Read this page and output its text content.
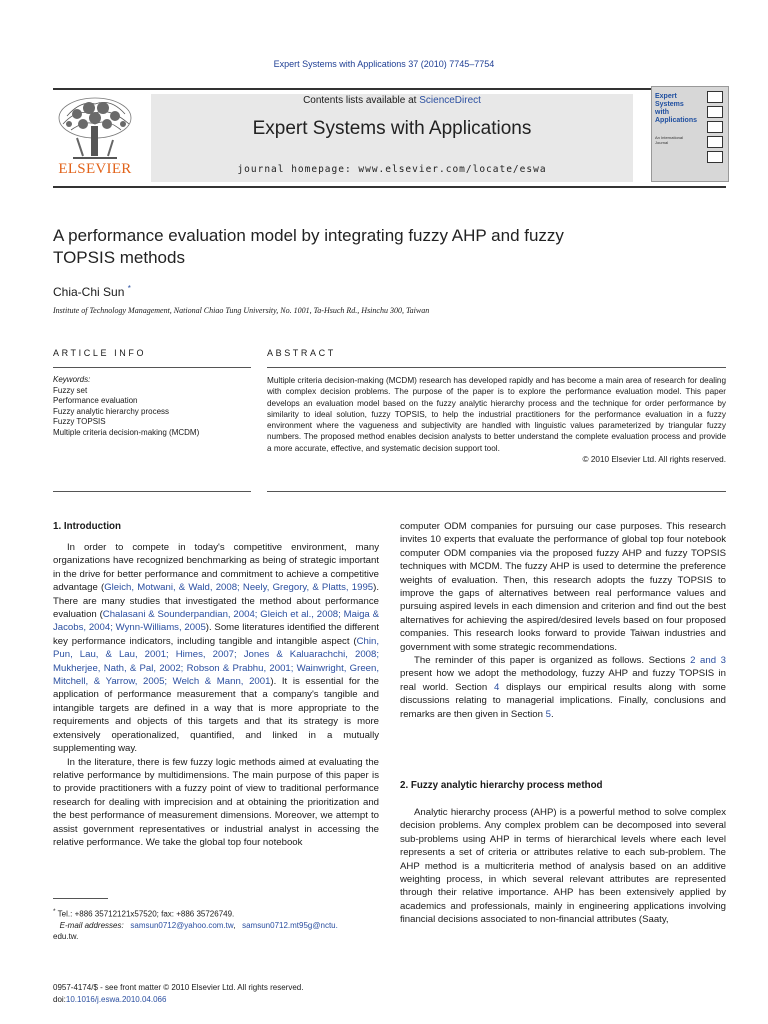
Expert Systems with Applications 37 (2010) 7745–7754
ELSEVIER
Contents lists available at ScienceDirect
Expert Systems with Applications
journal homepage: www.elsevier.com/locate/eswa
Expert
Systems
with
Applications
An International Journal
A performance evaluation model by integrating fuzzy AHP and fuzzy
TOPSIS methods
Chia-Chi Sun *
Institute of Technology Management, National Chiao Tung University, No. 1001, Ta-Hsuch Rd., Hsinchu 300, Taiwan
ARTICLE INFO	ABSTRACT
Keywords:
Fuzzy set
Performance evaluation
Fuzzy analytic hierarchy process
Fuzzy TOPSIS
Multiple criteria decision-making (MCDM)
Multiple criteria decision-making (MCDM) research has developed rapidly and has become a main area of research for dealing with complex decision problems. The purpose of the paper is to explore the performance evaluation model. This paper develops an evaluation model based on the fuzzy analytic hierarchy process and the technique for order performance by similarity to ideal solution, fuzzy TOPSIS, to help the industrial practitioners for the performance evaluation in a fuzzy environment where the vagueness and subjectivity are handled with linguistic values parameterized by triangular fuzzy numbers. The proposed method enables decision analysts to better understand the complete evaluation process and provide a more accurate, effective, and systematic decision support tool.
© 2010 Elsevier Ltd. All rights reserved.
1. Introduction

In order to compete in today's competitive environment, many organizations have recognized benchmarking as being of strategic important in the drive for better performance and commitment to achieve a competitive advantage (Gleich, Motwani, & Wald, 2008; Neely, Gregory, & Platts, 1995). There are many studies that investigated the method about performance evaluation (Chalasani & Sounderpandian, 2004; Gleich et al., 2008; Maiga & Jacobs, 2004; Wynn-Williams, 2005). Some literatures identified the different key performance indicators, including tangible and intangible aspect (Chin, Pun, Lau, & Lau, 2001; Himes, 2007; Jones & Kaluarachchi, 2008; Mukherjee, Nath, & Pal, 2002; Robson & Prabhu, 2001; Wainwright, Green, Mitchell, & Yarrow, 2005; Welch & Mann, 2001). It is essential for the application of performance measurement that a company's tangible and intangible targets are defined in a way that is more appropriate to the requirements and objects of this targets and that its strategy is more extensively operationalized, quantified, and linked in a mutually supplementing way.

In the literature, there is few fuzzy logic methods aimed at evaluating the relative performance by multidimensions. The main purpose of this paper is to provide practitioners with a fuzzy point of view to traditional performance research for dealing with imprecision and at obtaining the prioritization and the best performance of measurement dimensions. Moreover, we attempt to assist government representatives or industrial analyst in accessing the relative performance. We take the global top four notebook

computer ODM companies for pursuing our case purposes. This research invites 10 experts that evaluate the performance of global top four notebook computer ODM companies via the proposed fuzzy AHP and fuzzy TOPSIS techniques with MCDM. The fuzzy AHP is used to determine the preference weights of evaluation. Then, this research adopts the fuzzy TOPSIS to improve the gaps of alternatives between real performance values and pursuing aspired levels in each dimension and criterion and find out the best alternatives for achieving the aspired/desired levels based on four proposed companies. This research looks forward to provide Taiwan industries and government with some strategic recommendations.

The reminder of this paper is organized as follows. Sections 2 and 3 present how we adopt the methodology, fuzzy AHP and fuzzy TOPSIS in real world. Section 4 displays our empirical results along with some discussions relating to managerial implications. Finally, conclusions and remarks are then given in Section 5.

2. Fuzzy analytic hierarchy process method

Analytic hierarchy process (AHP) is a powerful method to solve complex decision problems. Any complex problem can be decomposed into several sub-problems using AHP in terms of hierarchical levels where each level represents a set of criteria or attributes relative to each sub-problem. The AHP method is a multicriteria method of analysis based on an additive weighting process, in which several relevant attributes are represented through their relative importance. AHP has been extensively applied by academics and professionals, mainly in engineering applications involving financial decisions associated to non-financial attributes (Saaty,

* Tel.: +886 35712121x57520; fax: +886 35726749.
E-mail addresses: samsun0712@yahoo.com.tw,   samsun0712.mt95g@nctu.
edu.tw.
0957-4174/$ - see front matter © 2010 Elsevier Ltd. All rights reserved.
doi:10.1016/j.eswa.2010.04.066
